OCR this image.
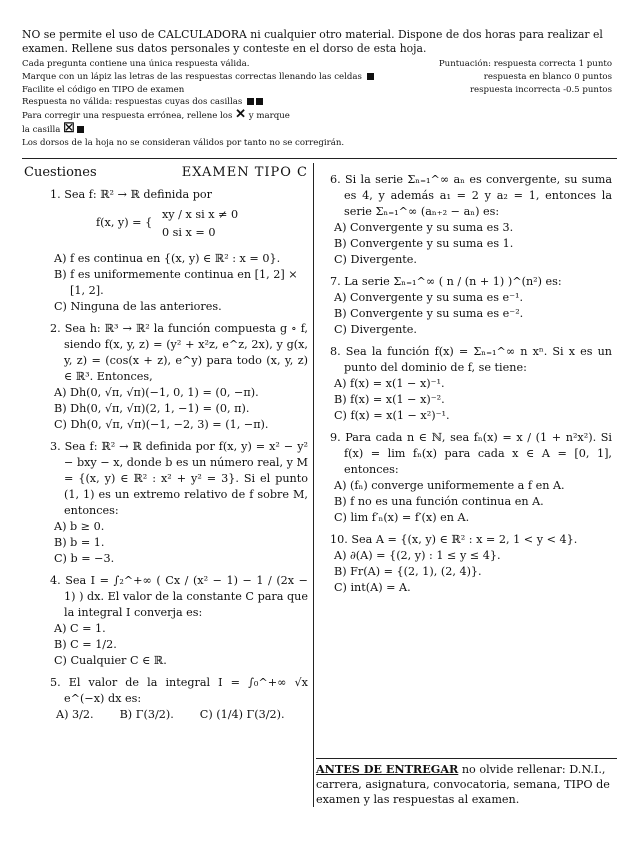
NO se permite el uso de CALCULADORA ni cualquier otro material. Dispone de dos horas para realizar el
examen. Rellene sus datos personales y conteste en el dorso de esta hoja.
Cada pregunta contiene una única respuesta válida.	Puntuación: respuesta correcta 1 punto
Marque con un lápiz las letras de las respuestas correctas llenando las celdas	respuesta en blanco 0 puntos
Facilite el código en TIPO de examen	respuesta incorrecta -0.5 puntos
Respuesta no válida: respuestas cuyas dos casillas
Para corregir una respuesta errónea, rellene los ✕ y marque
la casilla ☒
Los dorsos de la hoja no se consideran válidos por tanto no se corregirán.
Cuestiones	EXAMEN TIPO C
1. Sea f: ℝ² → ℝ definida por
f(x, y) = {
xy / x si x ≠ 0
0 si x = 0
A) f es continua en {(x, y) ∈ ℝ² : x = 0}.
B) f es uniformemente continua en [1, 2] × [1, 2].
C) Ninguna de las anteriores.
2. Sea h: ℝ³ → ℝ² la función compuesta g ∘ f, siendo f(x, y, z) = (y² + x²z, e^z, 2x), y g(x, y, z) = (cos(x + z), e^y) para todo (x, y, z) ∈ ℝ³. Entonces,
A) Dh(0, √π, √π)(−1, 0, 1) = (0, −π).
B) Dh(0, √π, √π)(2, 1, −1) = (0, π).
C) Dh(0, √π, √π)(−1, −2, 3) = (1, −π).
3. Sea f: ℝ² → ℝ definida por f(x, y) = x² − y² − bxy − x, donde b es un número real, y M = {(x, y) ∈ ℝ² : x² + y² = 3}. Si el punto (1, 1) es un extremo relativo de f sobre M, entonces:
A) b ≥ 0.
B) b = 1.
C) b = −3.
4. Sea I = ∫₂^+∞ ( Cx / (x² − 1) − 1 / (2x − 1) ) dx. El valor de la constante C para que la integral I converja es:
A) C = 1.
B) C = 1/2.
C) Cualquier C ∈ ℝ.
5. El valor de la integral I = ∫₀^+∞ √x e^(−x) dx es:
A) 3/2. B) Γ(3/2). C) (1/4) Γ(3/2).
6. Si la serie Σₙ₌₁^∞ aₙ es convergente, su suma es 4, y además a₁ = 2 y a₂ = 1, entonces la serie Σₙ₌₁^∞ (aₙ₊₂ − aₙ) es:
A) Convergente y su suma es 3.
B) Convergente y su suma es 1.
C) Divergente.
7. La serie Σₙ₌₁^∞ ( n / (n + 1) )^(n²) es:
A) Convergente y su suma es e⁻¹.
B) Convergente y su suma es e⁻².
C) Divergente.
8. Sea la función f(x) = Σₙ₌₁^∞ n xⁿ. Si x es un punto del dominio de f, se tiene:
A) f(x) = x(1 − x)⁻¹.
B) f(x) = x(1 − x)⁻².
C) f(x) = x(1 − x²)⁻¹.
9. Para cada n ∈ ℕ, sea fₙ(x) = x / (1 + n²x²). Si f(x) = lim fₙ(x) para cada x ∈ A = [0, 1], entonces:
A) (fₙ) converge uniformemente a f en A.
B) f no es una función continua en A.
C) lim f′ₙ(x) = f′(x) en A.
10. Sea A = {(x, y) ∈ ℝ² : x = 2, 1 < y < 4}.
A) ∂(A) = {(2, y) : 1 ≤ y ≤ 4}.
B) Fr(A) = {(2, 1), (2, 4)}.
C) int(A) = A.
ANTES DE ENTREGAR no olvide rellenar: D.N.I., carrera, asignatura, convocatoria, semana, TIPO de examen y las respuestas al examen.
